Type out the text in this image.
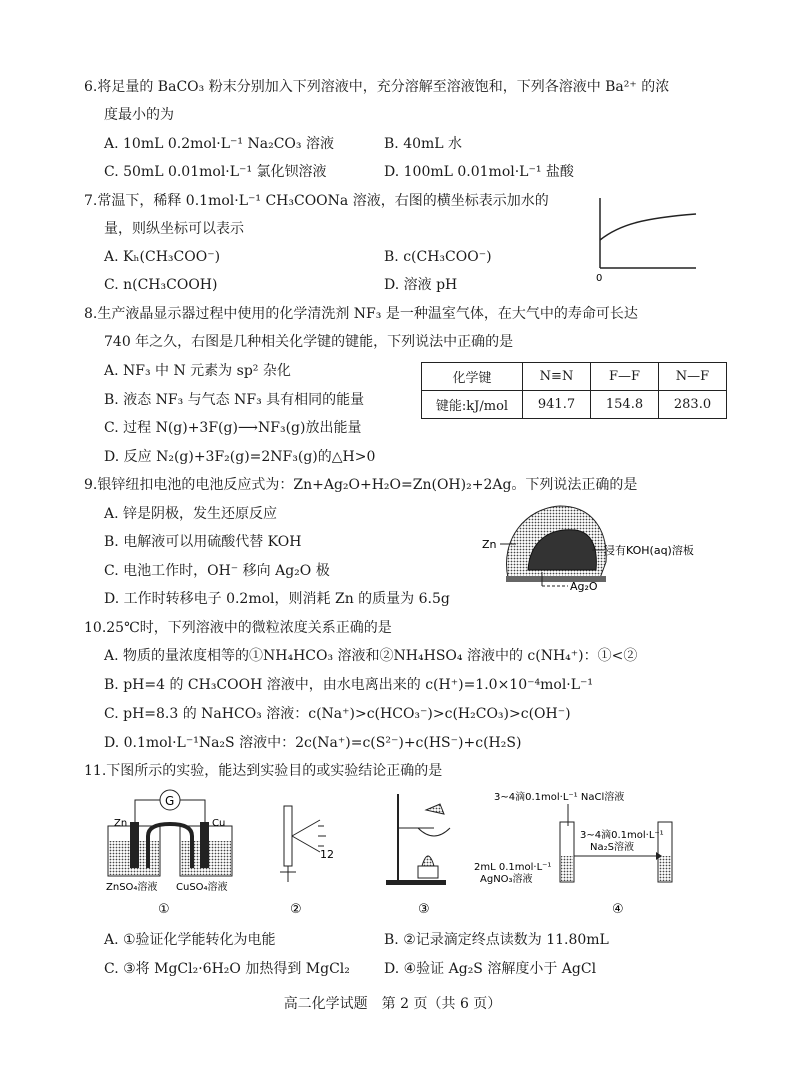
6.将足量的 BaCO₃ 粉末分别加入下列溶液中，充分溶解至溶液饱和，下列各溶液中 Ba²⁺ 的浓
度最小的为
A. 10mL 0.2mol·L⁻¹ Na₂CO₃ 溶液	B. 40mL 水
C. 50mL 0.01mol·L⁻¹ 氯化钡溶液	D. 100mL 0.01mol·L⁻¹ 盐酸
7.常温下，稀释 0.1mol·L⁻¹ CH₃COONa 溶液，右图的横坐标表示加水的
量，则纵坐标可以表示
A. Kₕ(CH₃COO⁻)	B. c(CH₃COO⁻)
C. n(CH₃COOH)	D. 溶液 pH	0
8.生产液晶显示器过程中使用的化学清洗剂 NF₃ 是一种温室气体，在大气中的寿命可长达
740 年之久，右图是几种相关化学键的键能，下列说法中正确的是
A. NF₃ 中 N 元素为 sp² 杂化
B. 液态 NF₃ 与气态 NF₃ 具有相同的能量
C. 过程 N(g)+3F(g)⟶NF₃(g)放出能量
D. 反应 N₂(g)+3F₂(g)=2NF₃(g)的△H>0
化学键	N≡N	F—F	N—F
键能:kJ/mol	941.7	154.8	283.0
9.银锌纽扣电池的电池反应式为：Zn+Ag₂O+H₂O=Zn(OH)₂+2Ag。下列说法正确的是
A. 锌是阴极，发生还原反应
B. 电解液可以用硫酸代替 KOH
C. 电池工作时，OH⁻ 移向 Ag₂O 极
D. 工作时转移电子 0.2mol，则消耗 Zn 的质量为 6.5g
Zn	浸有KOH(aq)溶板
Ag₂O
10.25℃时，下列溶液中的微粒浓度关系正确的是
A. 物质的量浓度相等的①NH₄HCO₃ 溶液和②NH₄HSO₄ 溶液中的 c(NH₄⁺)：①<②
B. pH=4 的 CH₃COOH 溶液中，由水电离出来的 c(H⁺)=1.0×10⁻⁴mol·L⁻¹
C. pH=8.3 的 NaHCO₃ 溶液：c(Na⁺)>c(HCO₃⁻)>c(H₂CO₃)>c(OH⁻)
D. 0.1mol·L⁻¹Na₂S 溶液中：2c(Na⁺)=c(S²⁻)+c(HS⁻)+c(H₂S)
11.下图所示的实验，能达到实验目的或实验结论正确的是
G
Zn	Cu
ZnSO₄溶液 CuSO₄溶液
①
12
②	③
3~4滴0.1mol·L⁻¹ NaCl溶液
3~4滴0.1mol·L⁻¹
Na₂S溶液
2mL 0.1mol·L⁻¹
AgNO₃溶液
④
A. ①验证化学能转化为电能	B. ②记录滴定终点读数为 11.80mL
C. ③将 MgCl₂·6H₂O 加热得到 MgCl₂ D. ④验证 Ag₂S 溶解度小于 AgCl
高二化学试题　第 2 页（共 6 页）
